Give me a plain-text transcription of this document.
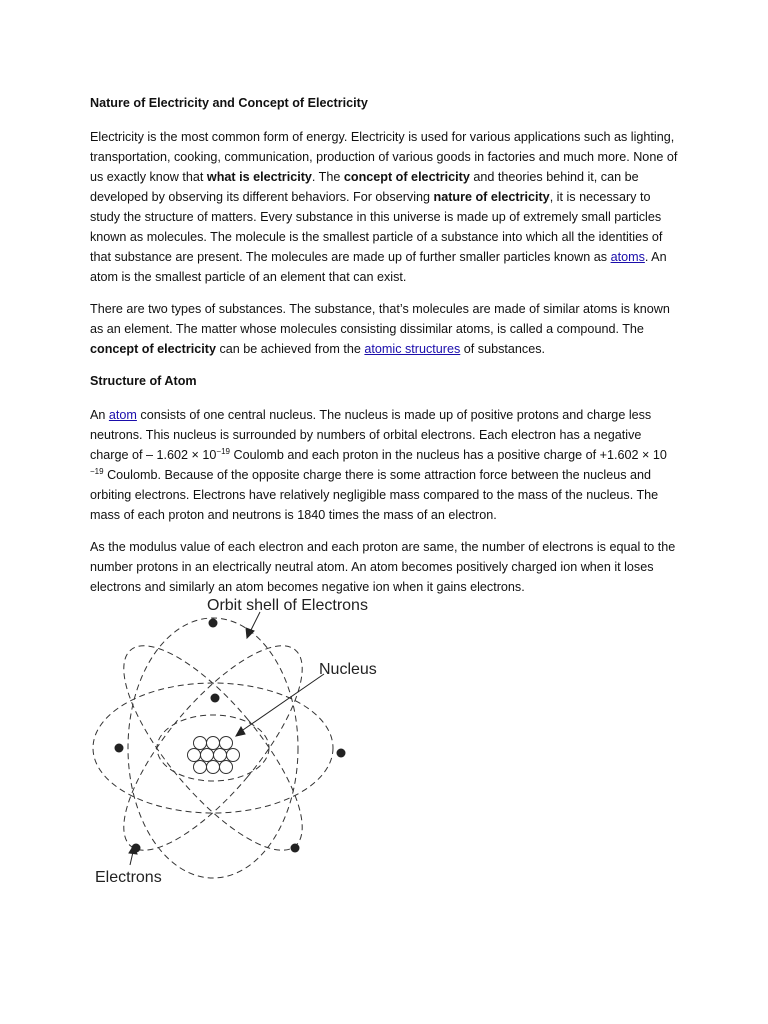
Nature of Electricity and Concept of Electricity

Electricity is the most common form of energy. Electricity is used for various applications such as lighting, transportation, cooking, communication, production of various goods in factories and much more. None of us exactly know that what is electricity. The concept of electricity and theories behind it, can be developed by observing its different behaviors. For observing nature of electricity, it is necessary to study the structure of matters. Every substance in this universe is made up of extremely small particles known as molecules. The molecule is the smallest particle of a substance into which all the identities of that substance are present. The molecules are made up of further smaller particles known as atoms. An atom is the smallest particle of an element that can exist.

There are two types of substances. The substance, that’s molecules are made of similar atoms is known as an element. The matter whose molecules consisting dissimilar atoms, is called a compound. The concept of electricity can be achieved from the atomic structures of substances.

Structure of Atom

An atom consists of one central nucleus. The nucleus is made up of positive protons and charge less neutrons. This nucleus is surrounded by numbers of orbital electrons. Each electron has a negative charge of – $1.602 \times 10^{-19}$ Coulomb and each proton in the nucleus has a positive charge of +1.602 × 10 $^{-19}$ Coulomb. Because of the opposite charge there is some attraction force between the nucleus and orbiting electrons. Electrons have relatively negligible mass compared to the mass of the nucleus. The mass of each proton and neutrons is 1840 times the mass of an electron.

As the modulus value of each electron and each proton are same, the number of electrons is equal to the number protons in an electrically neutral atom. An atom becomes positively charged ion when it loses electrons and similarly an atom becomes negative ion when it gains electrons.

Orbit shell of Electrons
Nucleus
Electrons
